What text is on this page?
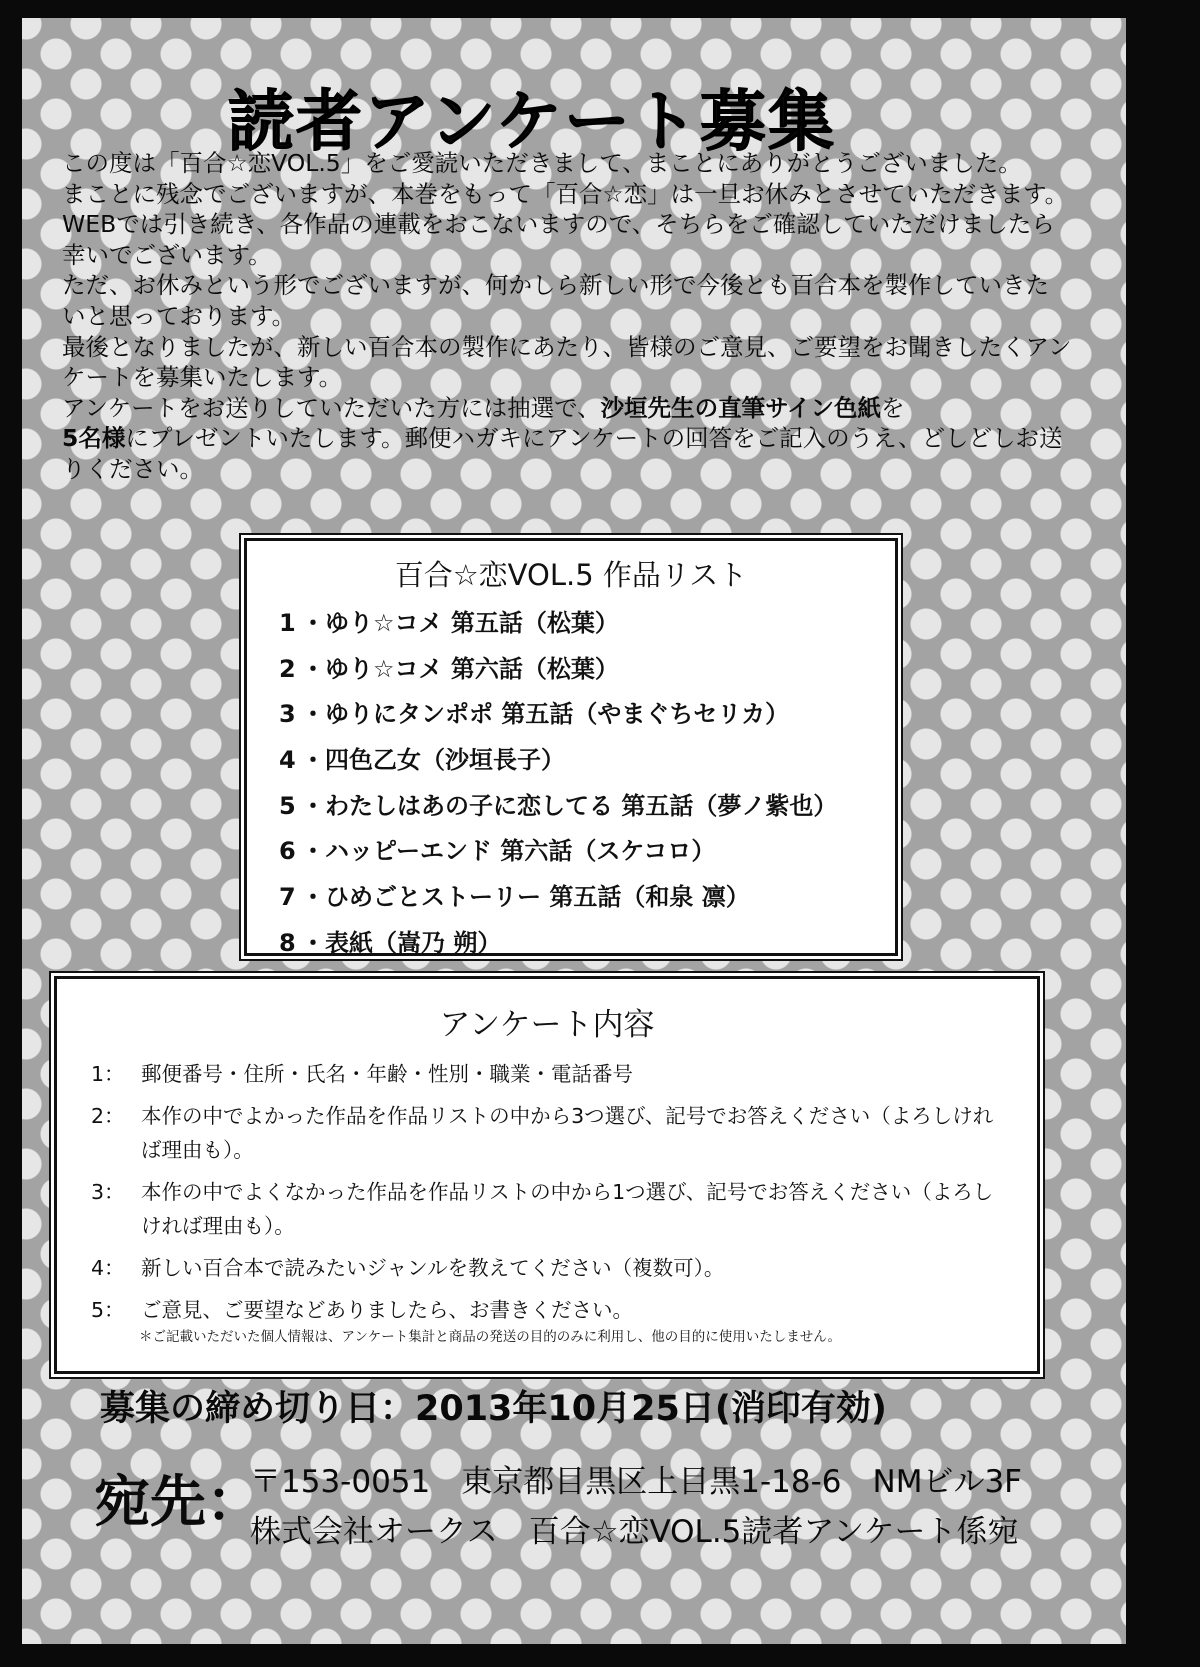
読者アンケート募集

この度は「百合☆恋VOL.5」をご愛読いただきまして、まことにありがとうございました。

まことに残念でございますが、本巻をもって「百合☆恋」は一旦お休みとさせていただきます。WEBでは引き続き、各作品の連載をおこないますので、そちらをご確認していただけましたら幸いでございます。

ただ、お休みという形でございますが、何かしら新しい形で今後とも百合本を製作していきたいと思っております。

最後となりましたが、新しい百合本の製作にあたり、皆様のご意見、ご要望をお聞きしたくアンケートを募集いたします。

アンケートをお送りしていただいた方には抽選で、沙垣先生の直筆サイン色紙を
5名様にプレゼントいたします。郵便ハガキにアンケートの回答をご記入のうえ、どしどしお送りください。

百合☆恋VOL.5 作品リスト
1 ・ゆり☆コメ 第五話（松葉）
2 ・ゆり☆コメ 第六話（松葉）
3 ・ゆりにタンポポ 第五話（やまぐちセリカ）
4 ・四色乙女（沙垣長子）
5 ・わたしはあの子に恋してる 第五話（夢ノ紫也）
6 ・ハッピーエンド 第六話（スケコロ）
7 ・ひめごとストーリー 第五話（和泉 凛）
8 ・表紙（嵩乃 朔）
アンケート内容
1： 郵便番号・住所・氏名・年齢・性別・職業・電話番号
2： 本作の中でよかった作品を作品リストの中から3つ選び、記号でお答えください（よろしければ理由も）。
3： 本作の中でよくなかった作品を作品リストの中から1つ選び、記号でお答えください（よろしければ理由も）。
4： 新しい百合本で読みたいジャンルを教えてください（複数可）。
5： ご意見、ご要望などありましたら、お書きください。
＊ご記載いただいた個人情報は、アンケート集計と商品の発送の目的のみに利用し、他の目的に使用いたしません。
募集の締め切り日：2013年10月25日(消印有効)
宛先：
〒153-0051　東京都目黒区上目黒1-18-6　NMビル3F
株式会社オークス　百合☆恋VOL.5読者アンケート係宛
